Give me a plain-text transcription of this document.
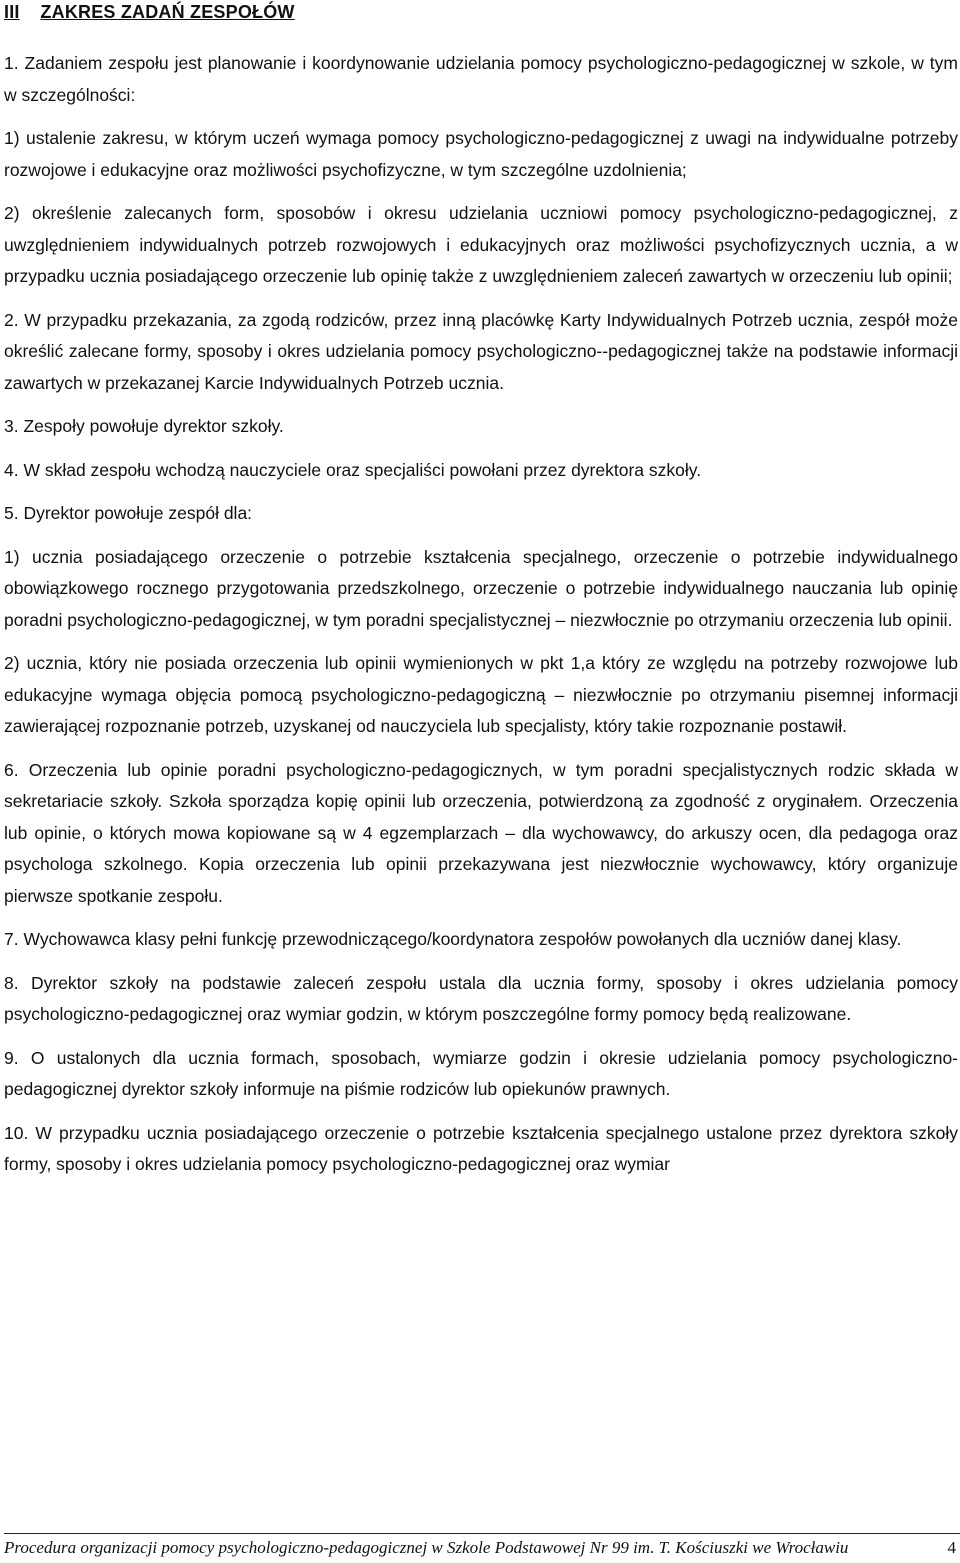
III ZAKRES ZADAŃ ZESPOŁÓW

1. Zadaniem zespołu jest planowanie i koordynowanie udzielania pomocy psychologiczno-pedagogicznej w szkole, w tym w szczególności:

1) ustalenie zakresu, w którym uczeń wymaga pomocy psychologiczno-pedagogicznej z uwagi na indywidualne potrzeby rozwojowe i edukacyjne oraz możliwości psychofizyczne, w tym szczególne uzdolnienia;

2) określenie zalecanych form, sposobów i okresu udzielania uczniowi pomocy psychologiczno-pedagogicznej, z uwzględnieniem indywidualnych potrzeb rozwojowych i edukacyjnych oraz możliwości psychofizycznych ucznia, a w przypadku ucznia posiadającego orzeczenie lub opinię także z uwzględnieniem zaleceń zawartych w orzeczeniu lub opinii;

2. W przypadku przekazania, za zgodą rodziców, przez inną placówkę Karty Indywidualnych Potrzeb ucznia, zespół może określić zalecane formy, sposoby i okres udzielania pomocy psychologiczno--pedagogicznej także na podstawie informacji zawartych w przekazanej Karcie Indywidualnych Potrzeb ucznia.

3. Zespoły powołuje dyrektor szkoły.

4. W skład zespołu wchodzą nauczyciele oraz specjaliści powołani przez dyrektora szkoły.

5. Dyrektor powołuje zespół dla:

1) ucznia posiadającego orzeczenie o potrzebie kształcenia specjalnego, orzeczenie o potrzebie indywidualnego obowiązkowego rocznego przygotowania przedszkolnego, orzeczenie o potrzebie indywidualnego nauczania lub opinię poradni psychologiczno-pedagogicznej, w tym poradni specjalistycznej – niezwłocznie po otrzymaniu orzeczenia lub opinii.

2) ucznia, który nie posiada orzeczenia lub opinii wymienionych w pkt 1,a który ze względu na potrzeby rozwojowe lub edukacyjne wymaga objęcia pomocą psychologiczno-pedagogiczną – niezwłocznie po otrzymaniu pisemnej informacji zawierającej rozpoznanie potrzeb, uzyskanej od nauczyciela lub specjalisty, który takie rozpoznanie postawił.

6. Orzeczenia lub opinie poradni psychologiczno-pedagogicznych, w tym poradni specjalistycznych rodzic składa w sekretariacie szkoły. Szkoła sporządza kopię opinii lub orzeczenia, potwierdzoną za zgodność z oryginałem. Orzeczenia lub opinie, o których mowa kopiowane są w 4 egzemplarzach – dla wychowawcy, do arkuszy ocen, dla pedagoga oraz psychologa szkolnego. Kopia orzeczenia lub opinii przekazywana jest niezwłocznie wychowawcy, który organizuje pierwsze spotkanie zespołu.

7. Wychowawca klasy pełni funkcję przewodniczącego/koordynatora zespołów powołanych dla uczniów danej klasy.

8. Dyrektor szkoły na podstawie zaleceń zespołu ustala dla ucznia formy, sposoby i okres udzielania pomocy psychologiczno-pedagogicznej oraz wymiar godzin, w którym poszczególne formy pomocy będą realizowane.

9. O ustalonych dla ucznia formach, sposobach, wymiarze godzin i okresie udzielania pomocy psychologiczno-pedagogicznej dyrektor szkoły informuje na piśmie rodziców lub opiekunów prawnych.

10. W przypadku ucznia posiadającego orzeczenie o potrzebie kształcenia specjalnego ustalone przez dyrektora szkoły formy, sposoby i okres udzielania pomocy psychologiczno-pedagogicznej oraz wymiar

Procedura organizacji pomocy psychologiczno-pedagogicznej w Szkole Podstawowej Nr 99 im. T. Kościuszki we Wrocławiu	4
